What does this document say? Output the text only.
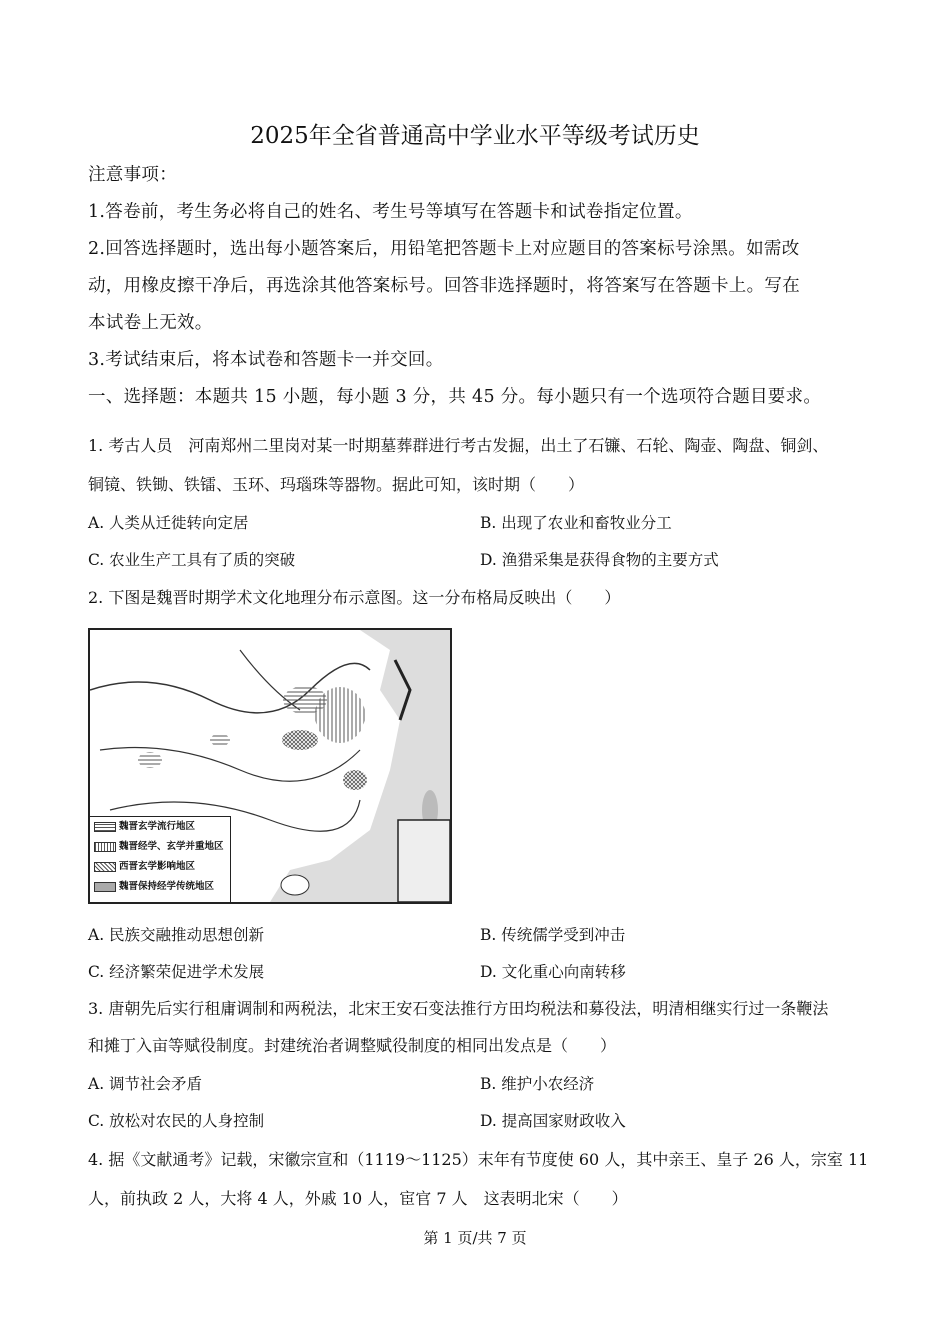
2025年全省普通高中学业水平等级考试历史
注意事项：
1.答卷前，考生务必将自己的姓名、考生号等填写在答题卡和试卷指定位置。
2.回答选择题时，选出每小题答案后，用铅笔把答题卡上对应题目的答案标号涂黑。如需改
动，用橡皮擦干净后，再选涂其他答案标号。回答非选择题时，将答案写在答题卡上。写在
本试卷上无效。
3.考试结束后，将本试卷和答题卡一并交回。
一、选择题：本题共 15 小题，每小题 3 分，共 45 分。每小题只有一个选项符合题目要求。
1. 考古人员　河南郑州二里岗对某一时期墓葬群进行考古发掘，出土了石镰、石轮、陶壶、陶盘、铜剑、
铜镜、铁锄、铁镭、玉环、玛瑙珠等器物。据此可知，该时期（　　）
A. 人类从迁徙转向定居	B. 出现了农业和畜牧业分工
C. 农业生产工具有了质的突破	D. 渔猎采集是获得食物的主要方式
2. 下图是魏晋时期学术文化地理分布示意图。这一分布格局反映出（　　）
魏晋玄学流行地区
魏晋经学、玄学并重地区
西晋玄学影响地区
魏晋保持经学传统地区
A. 民族交融推动思想创新	B. 传统儒学受到冲击
C. 经济繁荣促进学术发展	D. 文化重心向南转移
3. 唐朝先后实行租庸调制和两税法，北宋王安石变法推行方田均税法和募役法，明清相继实行过一条鞭法
和摊丁入亩等赋役制度。封建统治者调整赋役制度的相同出发点是（　　）
A. 调节社会矛盾	B. 维护小农经济
C. 放松对农民的人身控制	D. 提高国家财政收入
4. 据《文献通考》记载，宋徽宗宣和（1119～1125）末年有节度使 60 人，其中亲王、皇子 26 人，宗室 11
人，前执政 2 人，大将 4 人，外戚 10 人，宦官 7 人　这表明北宋（　　）
第 1 页/共 7 页
